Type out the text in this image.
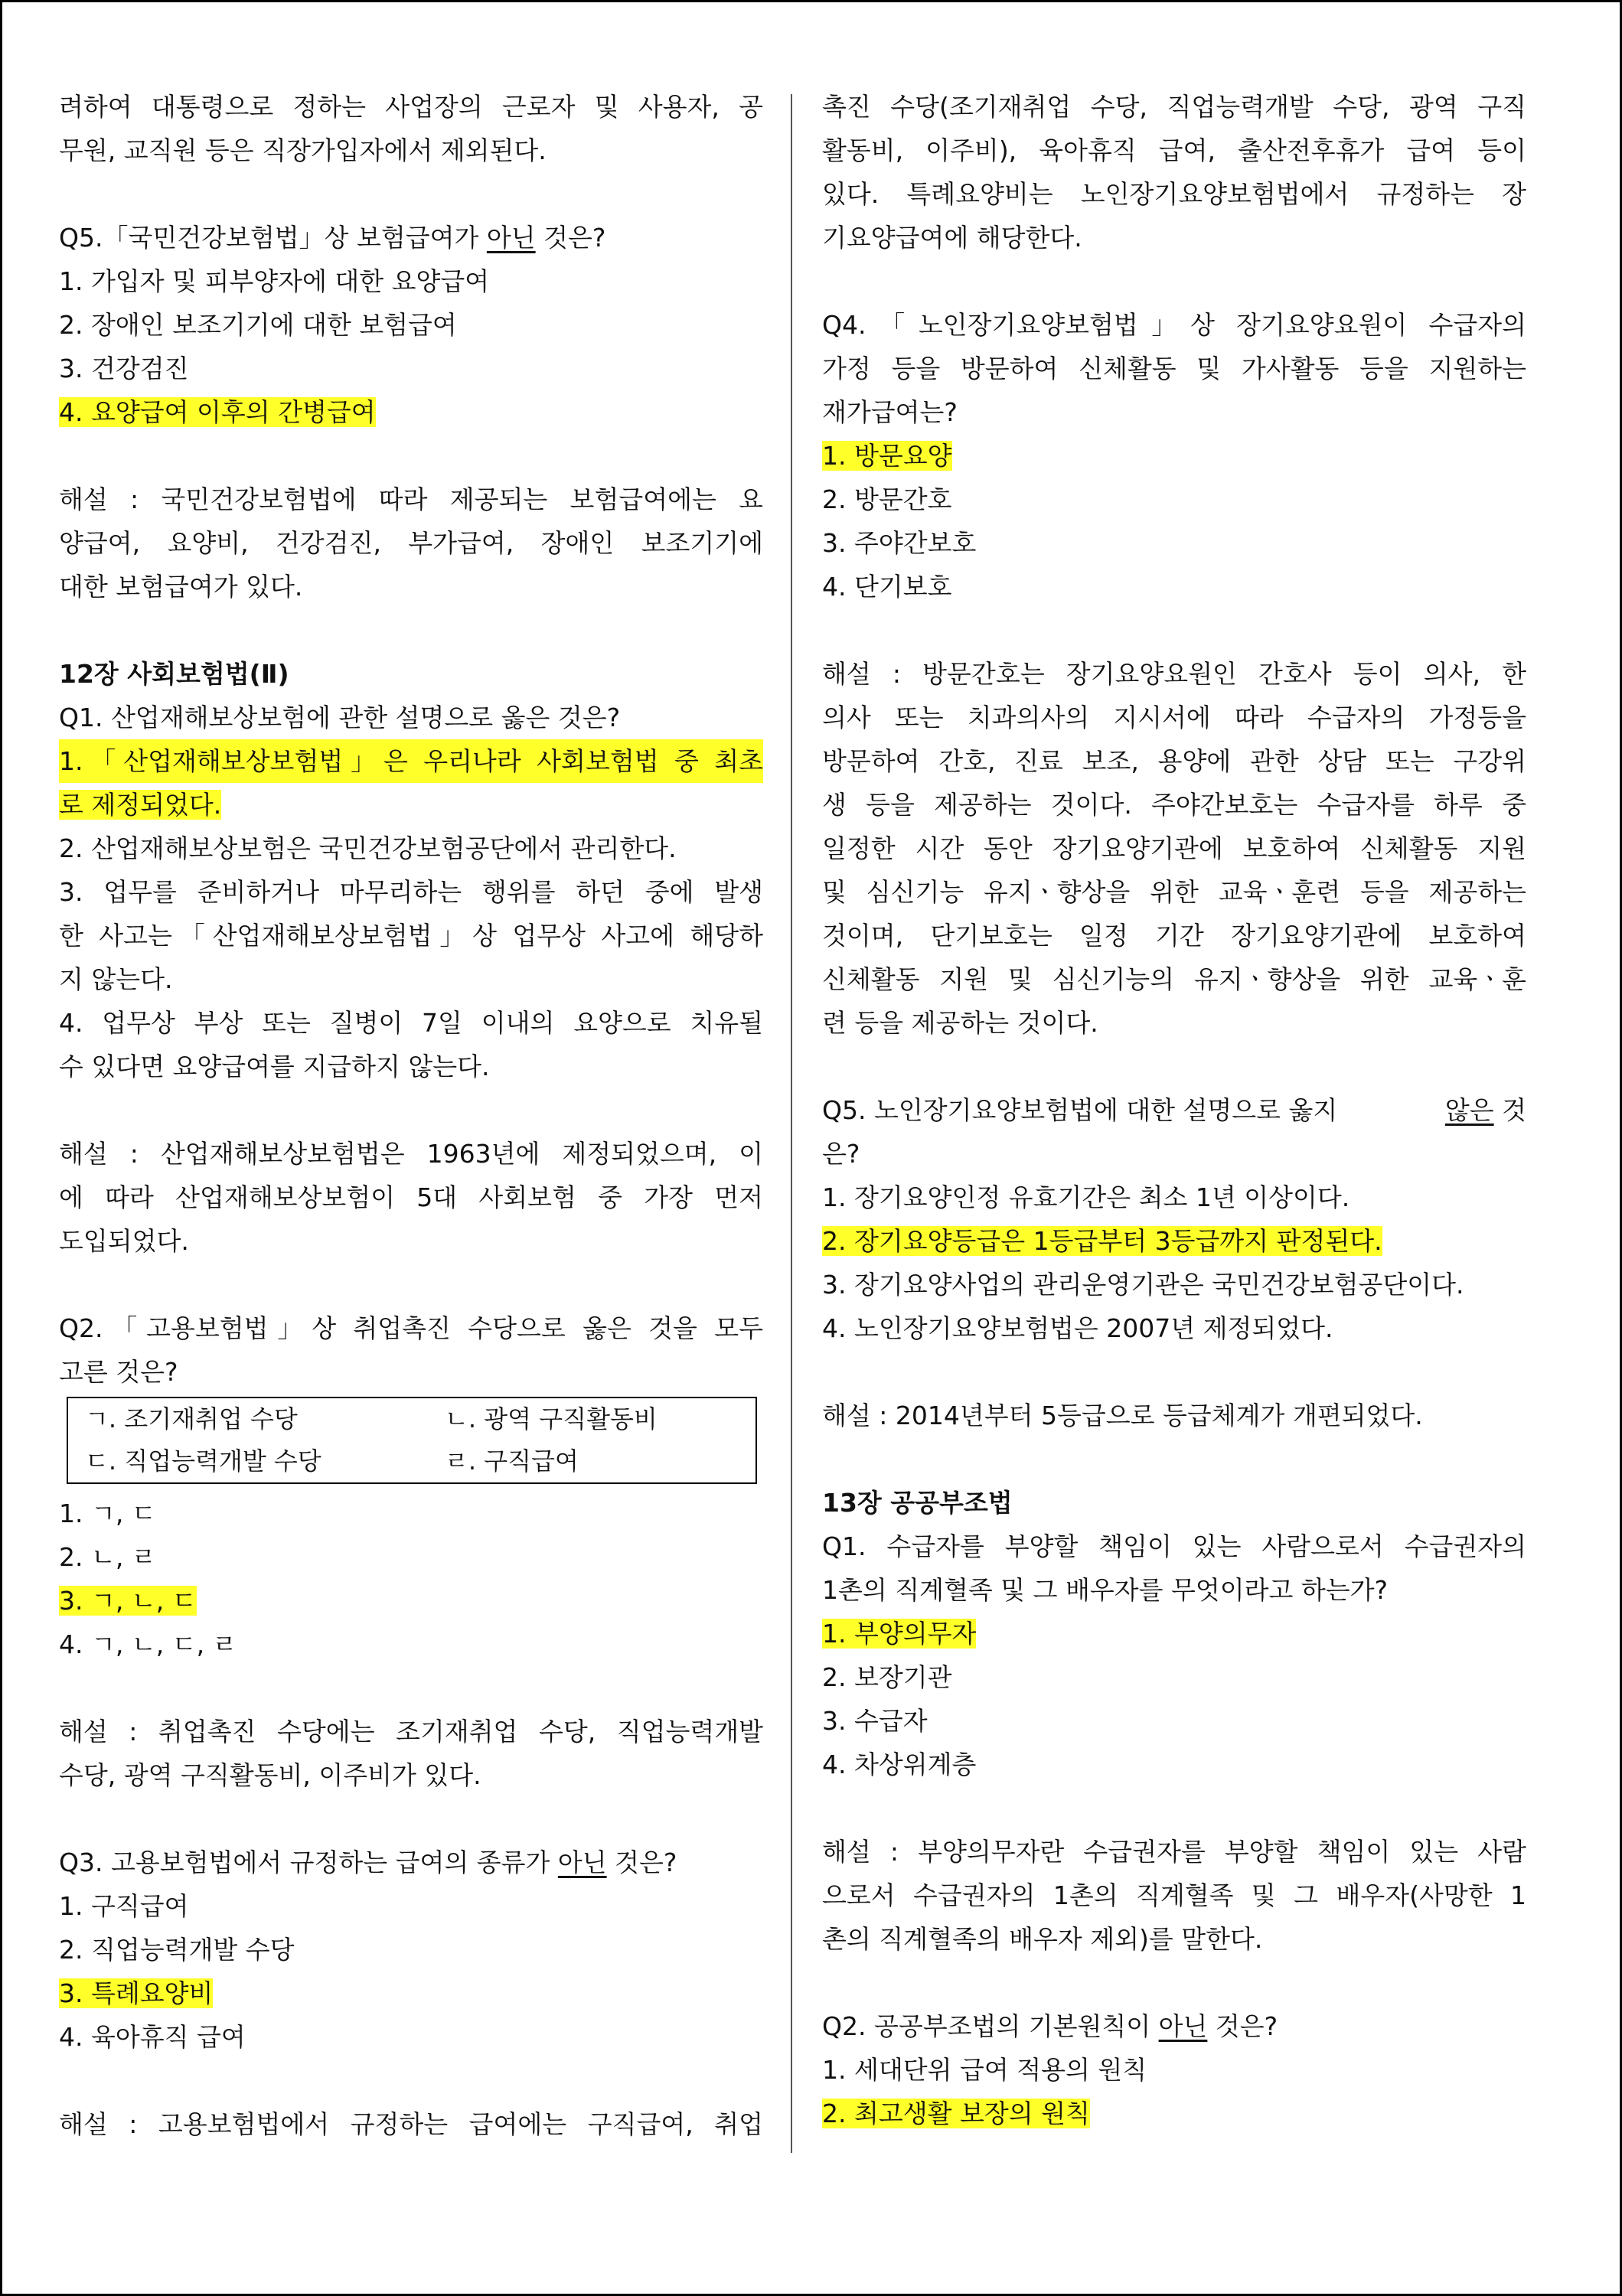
려하여 대통령으로 정하는 사업장의 근로자 및 사용자, 공
무원, 교직원 등은 직장가입자에서 제외된다.
Q5.「국민건강보험법」상 보험급여가 아닌 것은?
1. 가입자 및 피부양자에 대한 요양급여
2. 장애인 보조기기에 대한 보험급여
3. 건강검진
4. 요양급여 이후의 간병급여
해설 : 국민건강보험법에 따라 제공되는 보험급여에는 요
양급여, 요양비, 건강검진, 부가급여, 장애인 보조기기에
대한 보험급여가 있다.
12장 사회보험법(Ⅱ)
Q1. 산업재해보상보험에 관한 설명으로 옳은 것은?
1.「산업재해보상보험법」은 우리나라 사회보험법 중 최초
로 제정되었다.
2. 산업재해보상보험은 국민건강보험공단에서 관리한다.
3. 업무를 준비하거나 마무리하는 행위를 하던 중에 발생
한 사고는「산업재해보상보험법」상 업무상 사고에 해당하
지 않는다.
4. 업무상 부상 또는 질병이 7일 이내의 요양으로 치유될
수 있다면 요양급여를 지급하지 않는다.
해설 : 산업재해보상보험법은 1963년에 제정되었으며, 이
에 따라 산업재해보상보험이 5대 사회보험 중 가장 먼저
도입되었다.
Q2.「고용보험법」상 취업촉진 수당으로 옳은 것을 모두
고른 것은?
ㄱ. 조기재취업 수당	ㄴ. 광역 구직활동비
ㄷ. 직업능력개발 수당	ㄹ. 구직급여
1. ㄱ, ㄷ
2. ㄴ, ㄹ
3. ㄱ, ㄴ, ㄷ
4. ㄱ, ㄴ, ㄷ, ㄹ
해설 : 취업촉진 수당에는 조기재취업 수당, 직업능력개발
수당, 광역 구직활동비, 이주비가 있다.
Q3. 고용보험법에서 규정하는 급여의 종류가 아닌 것은?
1. 구직급여
2. 직업능력개발 수당
3. 특례요양비
4. 육아휴직 급여
해설 : 고용보험법에서 규정하는 급여에는 구직급여, 취업
촉진 수당(조기재취업 수당, 직업능력개발 수당, 광역 구직
활동비, 이주비), 육아휴직 급여, 출산전후휴가 급여 등이
있다. 특례요양비는 노인장기요양보험법에서 규정하는 장
기요양급여에 해당한다.
Q4.「노인장기요양보험법」상 장기요양요원이 수급자의
가정 등을 방문하여 신체활동 및 가사활동 등을 지원하는
재가급여는?
1. 방문요양
2. 방문간호
3. 주야간보호
4. 단기보호
해설 : 방문간호는 장기요양요원인 간호사 등이 의사, 한
의사 또는 치과의사의 지시서에 따라 수급자의 가정등을
방문하여 간호, 진료 보조, 용양에 관한 상담 또는 구강위
생 등을 제공하는 것이다. 주야간보호는 수급자를 하루 중
일정한 시간 동안 장기요양기관에 보호하여 신체활동 지원
및 심신기능 유지ㆍ향상을 위한 교육ㆍ훈련 등을 제공하는
것이며, 단기보호는 일정 기간 장기요양기관에 보호하여
신체활동 지원 및 심신기능의 유지ㆍ향상을 위한 교육ㆍ훈
련 등을 제공하는 것이다.
Q5. 노인장기요양보험법에 대한 설명으로 옳지	않은 것
은?
1. 장기요양인정 유효기간은 최소 1년 이상이다.
2. 장기요양등급은 1등급부터 3등급까지 판정된다.
3. 장기요양사업의 관리운영기관은 국민건강보험공단이다.
4. 노인장기요양보험법은 2007년 제정되었다.
해설 : 2014년부터 5등급으로 등급체계가 개편되었다.
13장 공공부조법
Q1. 수급자를 부양할 책임이 있는 사람으로서 수급권자의
1촌의 직계혈족 및 그 배우자를 무엇이라고 하는가?
1. 부양의무자
2. 보장기관
3. 수급자
4. 차상위계층
해설 : 부양의무자란 수급권자를 부양할 책임이 있는 사람
으로서 수급권자의 1촌의 직계혈족 및 그 배우자(사망한 1
촌의 직계혈족의 배우자 제외)를 말한다.
Q2. 공공부조법의 기본원칙이 아닌 것은?
1. 세대단위 급여 적용의 원칙
2. 최고생활 보장의 원칙
